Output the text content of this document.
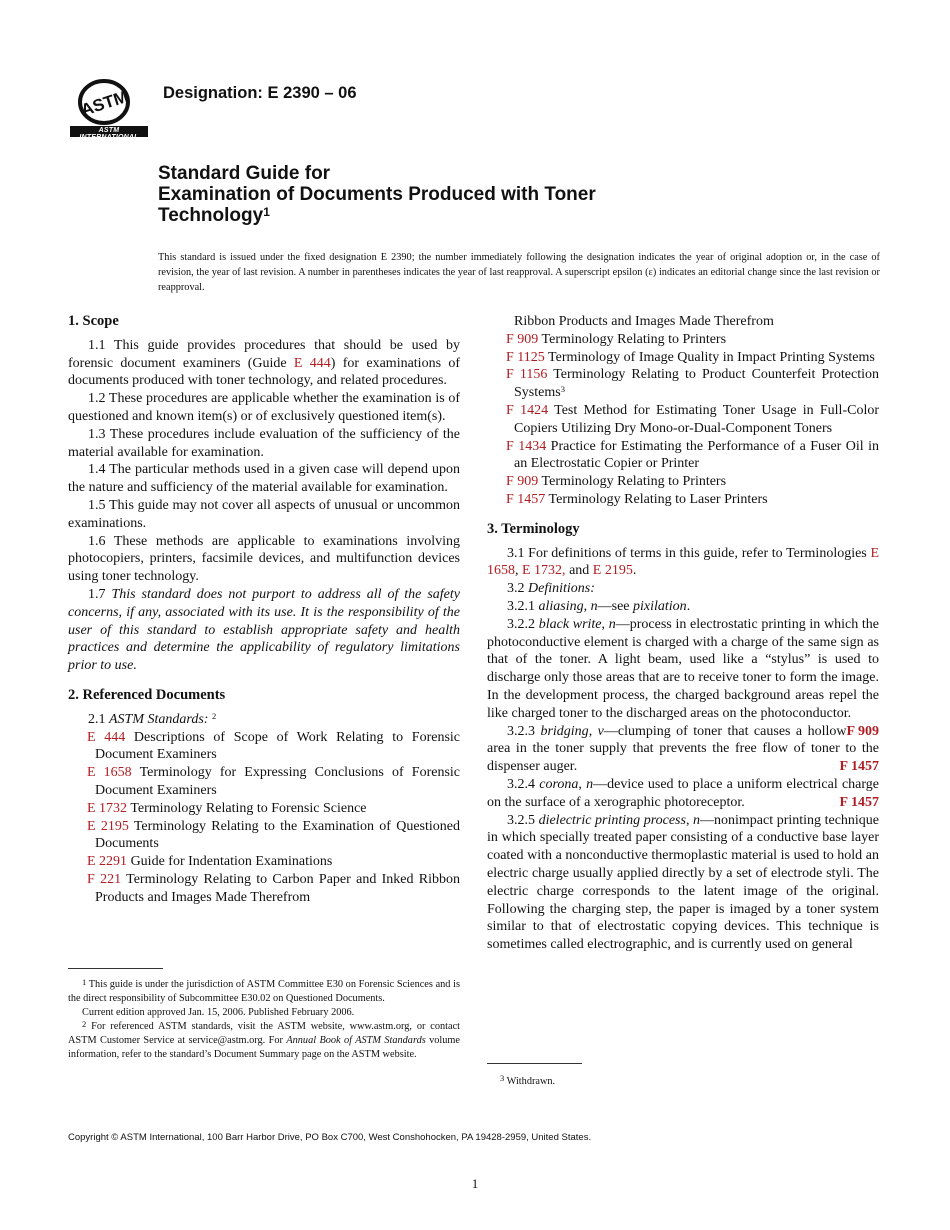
ASTM
ASTM INTERNATIONAL
Designation: E 2390 – 06
Standard Guide for
Examination of Documents Produced with Toner
Technology$^1$
This standard is issued under the fixed designation E 2390; the number immediately following the designation indicates the year of original adoption or, in the case of revision, the year of last revision. A number in parentheses indicates the year of last reapproval. A superscript epsilon (ε) indicates an editorial change since the last revision or reapproval.

1. Scope

1.1 This guide provides procedures that should be used by forensic document examiners (Guide E 444) for examinations of documents produced with toner technology, and related procedures.

1.2 These procedures are applicable whether the examination is of questioned and known item(s) or of exclusively questioned item(s).

1.3 These procedures include evaluation of the sufficiency of the material available for examination.

1.4 The particular methods used in a given case will depend upon the nature and sufficiency of the material available for examination.

1.5 This guide may not cover all aspects of unusual or uncommon examinations.

1.6 These methods are applicable to examinations involving photocopiers, printers, facsimile devices, and multifunction devices using toner technology.

1.7 This standard does not purport to address all of the safety concerns, if any, associated with its use. It is the responsibility of the user of this standard to establish appropriate safety and health practices and determine the applicability of regulatory limitations prior to use.

2. Referenced Documents

2.1 ASTM Standards: $^2$

E 444 Descriptions of Scope of Work Relating to Forensic Document Examiners

E 1658 Terminology for Expressing Conclusions of Forensic Document Examiners

E 1732 Terminology Relating to Forensic Science

E 2195 Terminology Relating to the Examination of Questioned Documents

E 2291 Guide for Indentation Examinations

F 221 Terminology Relating to Carbon Paper and Inked Ribbon Products and Images Made Therefrom

$^1$ This guide is under the jurisdiction of ASTM Committee E30 on Forensic Sciences and is the direct responsibility of Subcommittee E30.02 on Questioned Documents.

Current edition approved Jan. 15, 2006. Published February 2006.

$^2$ For referenced ASTM standards, visit the ASTM website, www.astm.org, or contact ASTM Customer Service at service@astm.org. For Annual Book of ASTM Standards volume information, refer to the standard’s Document Summary page on the ASTM website.

Ribbon Products and Images Made Therefrom

F 909 Terminology Relating to Printers

F 1125 Terminology of Image Quality in Impact Printing Systems

F 1156 Terminology Relating to Product Counterfeit Protection Systems$^3$

F 1424 Test Method for Estimating Toner Usage in Full-Color Copiers Utilizing Dry Mono-or-Dual-Component Toners

F 1434 Practice for Estimating the Performance of a Fuser Oil in an Electrostatic Copier or Printer

F 909 Terminology Relating to Printers

F 1457 Terminology Relating to Laser Printers

3. Terminology

3.1 For definitions of terms in this guide, refer to Terminologies E 1658, E 1732, and E 2195.

3.2 Definitions:

3.2.1 aliasing, n—see pixilation.

3.2.2 black write, n—process in electrostatic printing in which the photoconductive element is charged with a charge of the same sign as that of the toner. A light beam, used like a “stylus” is used to discharge only those areas that are to receive toner to form the image. In the development process, the charged background areas repel the like charged toner to the discharged areas on the photoconductor.
F 909

3.2.3 bridging, v—clumping of toner that causes a hollow area in the toner supply that prevents the free flow of toner to the dispenser auger.	F 1457

3.2.4 corona, n—device used to place a uniform electrical charge on the surface of a xerographic photoreceptor.	F 1457

3.2.5 dielectric printing process, n—nonimpact printing technique in which specially treated paper consisting of a conductive base layer coated with a nonconductive thermoplastic material is used to hold an electric charge usually applied directly by a set of electrode styli. The electric charge corresponds to the latent image of the original. Following the charging step, the paper is imaged by a toner system similar to that of electrostatic copying devices. This technique is sometimes called electrographic, and is currently used on general

$^3$ Withdrawn.
Copyright © ASTM International, 100 Barr Harbor Drive, PO Box C700, West Conshohocken, PA 19428-2959, United States.
1
